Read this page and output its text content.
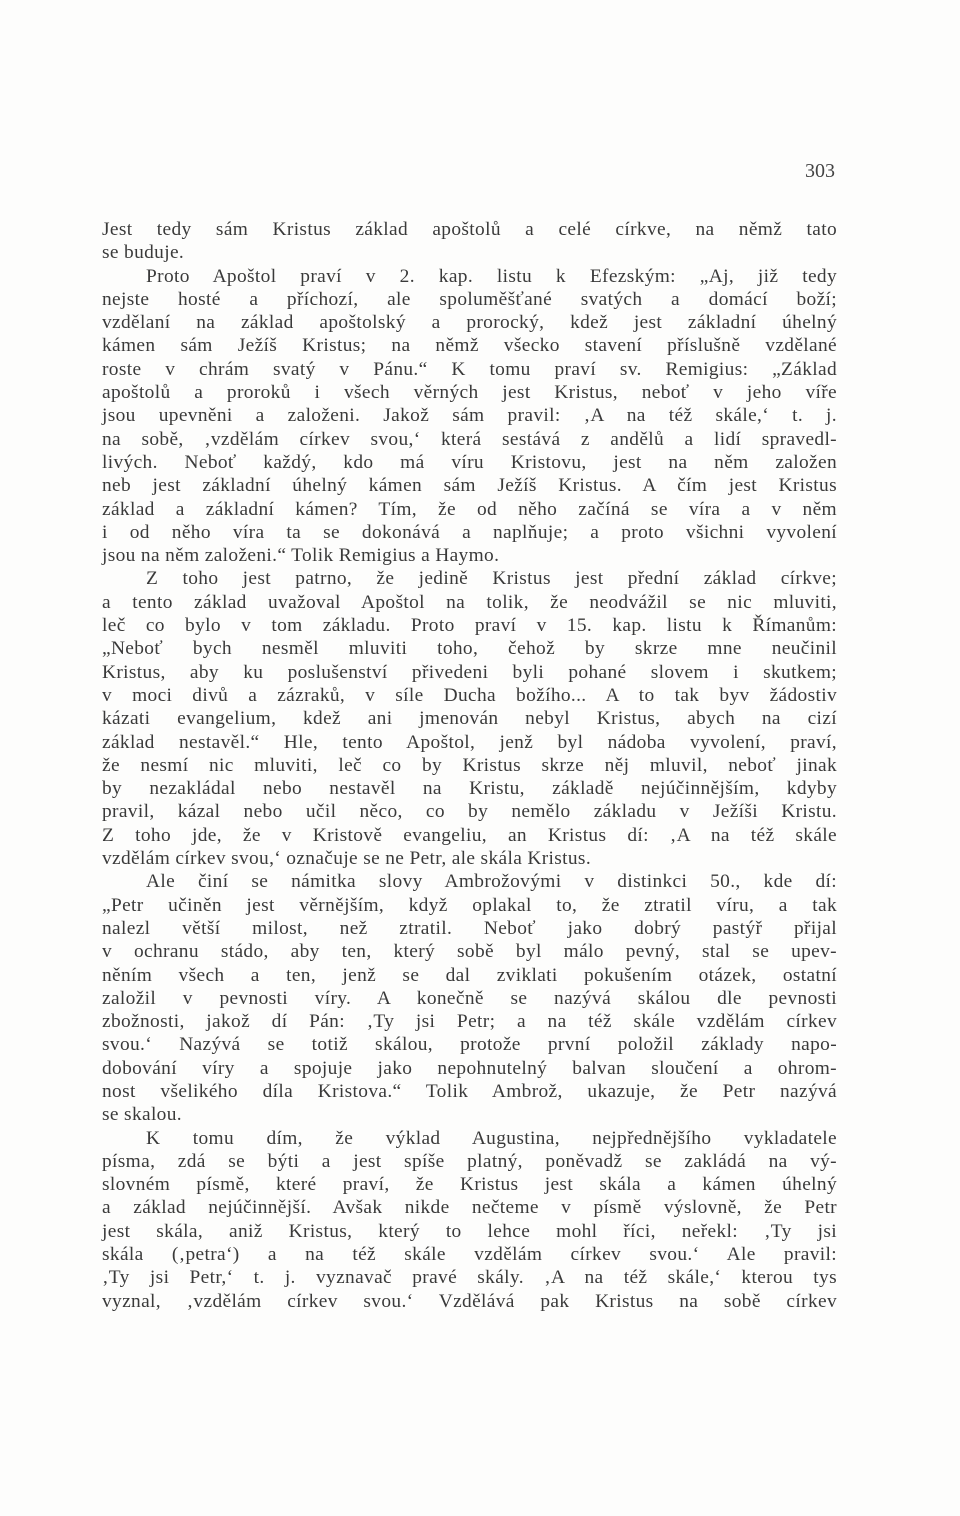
303

Jest tedy sám Kristus základ apoštolů a celé církve, na němž tato

se buduje.

Proto Apoštol praví v 2. kap. listu k Efezským: „Aj, již tedy

nejste hosté a příchozí, ale spoluměšťané svatých a domácí boží;

vzdělaní na základ apoštolský a prorocký, kdež jest základní úhelný

kámen sám Ježíš Kristus; na němž všecko stavení příslušně vzdělané

roste v chrám svatý v Pánu.“ K tomu praví sv. Remigius: „Základ

apoštolů a proroků i všech věrných jest Kristus, neboť v jeho víře

jsou upevněni a založeni. Jakož sám pravil: ‚A na též skále,‘ t. j.

na sobě, ‚vzdělám církev svou,‘ která sestává z andělů a lidí spravedl-

livých. Neboť každý, kdo má víru Kristovu, jest na něm založen

neb jest základní úhelný kámen sám Ježíš Kristus. A čím jest Kristus

základ a základní kámen? Tím, že od něho začíná se víra a v něm

i od něho víra ta se dokonává a naplňuje; a proto všichni vyvolení

jsou na něm založeni.“ Tolik Remigius a Haymo.

Z toho jest patrno, že jedině Kristus jest přední základ církve;

a tento základ uvažoval Apoštol na tolik, že neodvážil se nic mluviti,

leč co bylo v tom základu. Proto praví v 15. kap. listu k Římanům:

„Neboť bych nesměl mluviti toho, čehož by skrze mne neučinil

Kristus, aby ku poslušenství přivedeni byli pohané slovem i skutkem;

v moci divů a zázraků, v síle Ducha božího... A to tak byv žádostiv

kázati evangelium, kdež ani jmenován nebyl Kristus, abych na cizí

základ nestavěl.“ Hle, tento Apoštol, jenž byl nádoba vyvolení, praví,

že nesmí nic mluviti, leč co by Kristus skrze něj mluvil, neboť jinak

by nezakládal nebo nestavěl na Kristu, základě nejúčinnějším, kdyby

pravil, kázal nebo učil něco, co by nemělo základu v Ježíši Kristu.

Z toho jde, že v Kristově evangeliu, an Kristus dí: ‚A na též skále

vzdělám církev svou,‘ označuje se ne Petr, ale skála Kristus.

Ale činí se námitka slovy Ambrožovými v distinkci 50., kde dí:

„Petr učiněn jest věrnějším, když oplakal to, že ztratil víru, a tak

nalezl větší milost, než ztratil. Neboť jako dobrý pastýř přijal

v ochranu stádo, aby ten, který sobě byl málo pevný, stal se upev-

něním všech a ten, jenž se dal zviklati pokušením otázek, ostatní

založil v pevnosti víry. A konečně se nazývá skálou dle pevnosti

zbožnosti, jakož dí Pán: ‚Ty jsi Petr; a na též skále vzdělám církev

svou.‘ Nazývá se totiž skálou, protože první položil základy napo-

dobování víry a spojuje jako nepohnutelný balvan sloučení a ohrom-

nost všelikého díla Kristova.“ Tolik Ambrož, ukazuje, že Petr nazývá

se skalou.

K tomu dím, že výklad Augustina, nejpřednějšího vykladatele

písma, zdá se býti a jest spíše platný, poněvadž se zakládá na vý-

slovném písmě, které praví, že Kristus jest skála a kámen úhelný

a základ nejúčinnější. Avšak nikde nečteme v písmě výslovně, že Petr

jest skála, aniž Kristus, který to lehce mohl říci, neřekl: ‚Ty jsi

skála (‚petra‘) a na též skále vzdělám církev svou.‘ Ale pravil:

‚Ty jsi Petr,‘ t. j. vyznavač pravé skály. ‚A na též skále,‘ kterou tys

vyznal, ‚vzdělám církev svou.‘ Vzdělává pak Kristus na sobě církev
